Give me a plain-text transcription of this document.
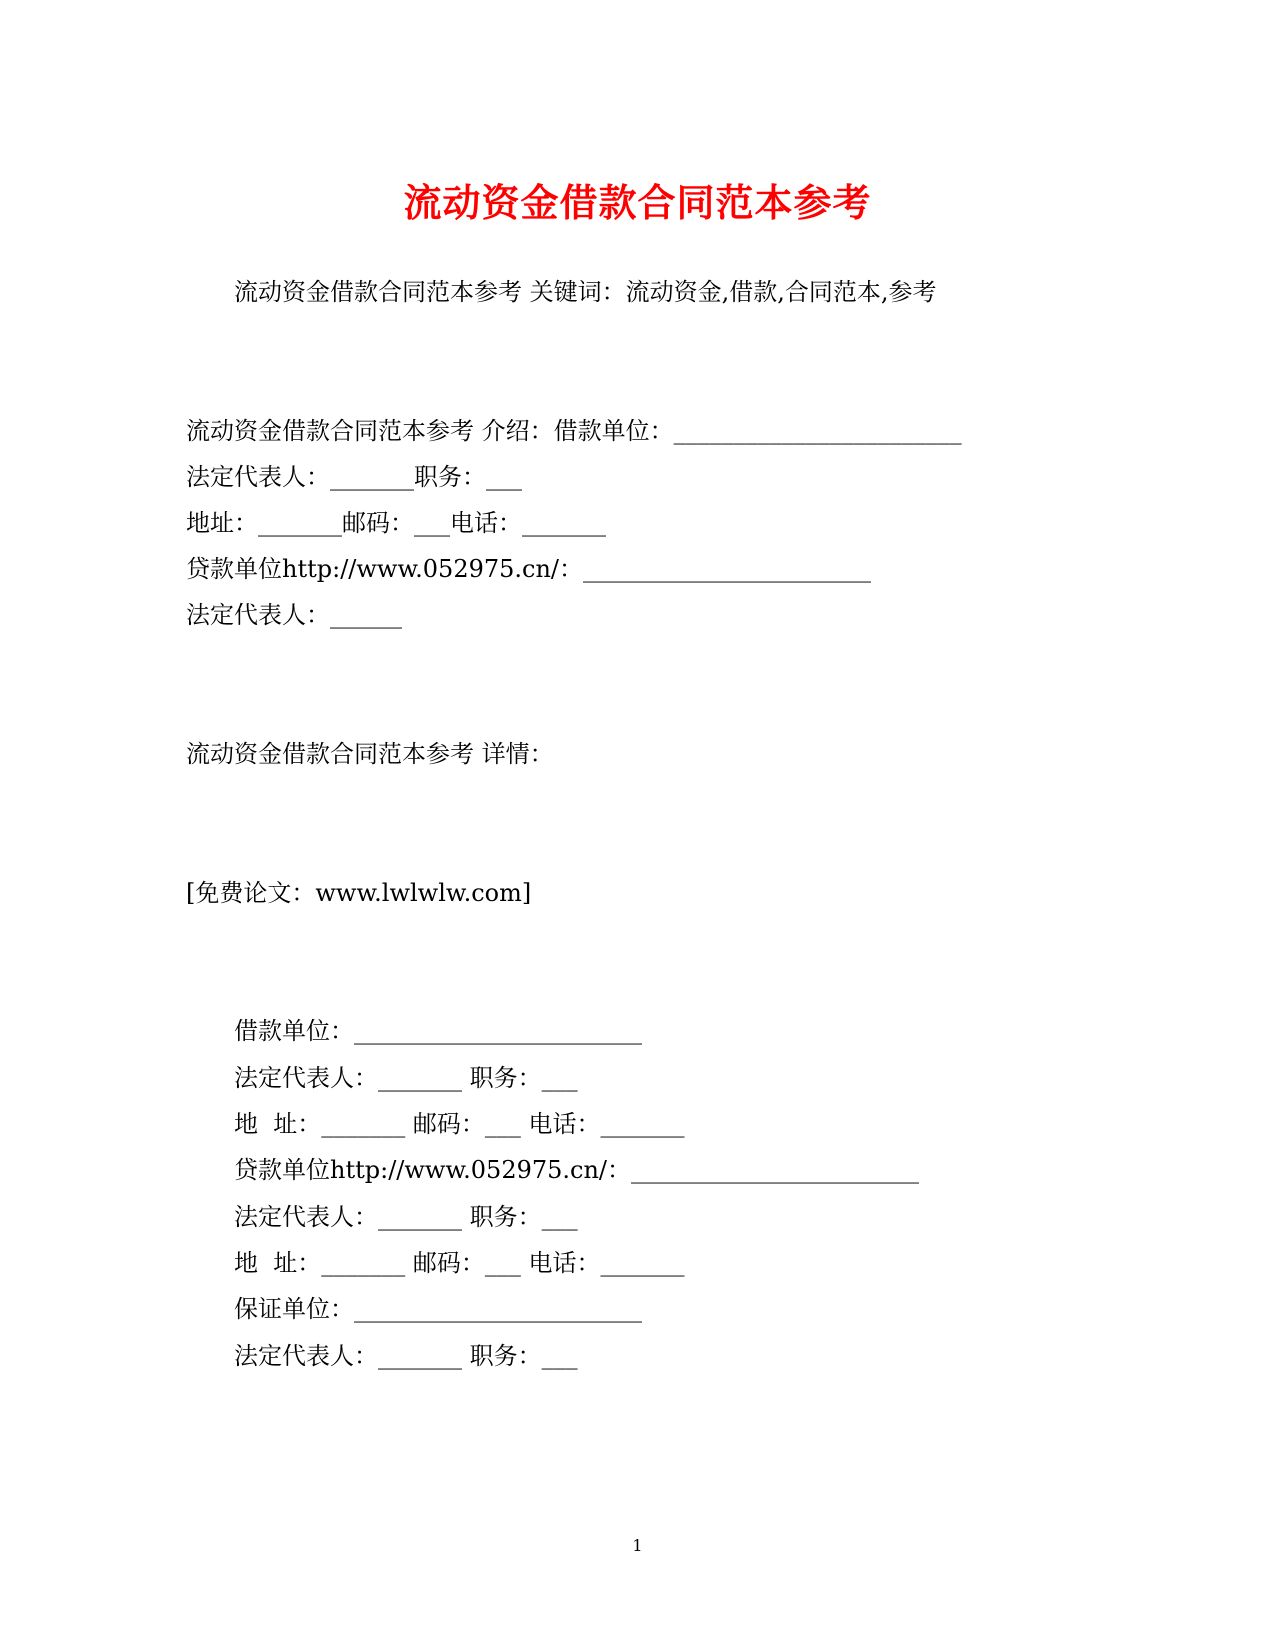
流动资金借款合同范本参考
流动资金借款合同范本参考 关键词：流动资金,借款,合同范本,参考
流动资金借款合同范本参考 介绍：借款单位：________________________
法定代表人：_______职务：___
地址：_______邮码：___电话：_______
贷款单位http://www.052975.cn/：________________________
法定代表人：______
流动资金借款合同范本参考 详情：
[免费论文：www.lwlwlw.com]
借款单位：________________________
法定代表人：_______ 职务：___
地  址：_______ 邮码：___ 电话：_______
贷款单位http://www.052975.cn/：________________________
法定代表人：_______ 职务：___
地  址：_______ 邮码：___ 电话：_______
保证单位：________________________
法定代表人：_______ 职务：___
1
